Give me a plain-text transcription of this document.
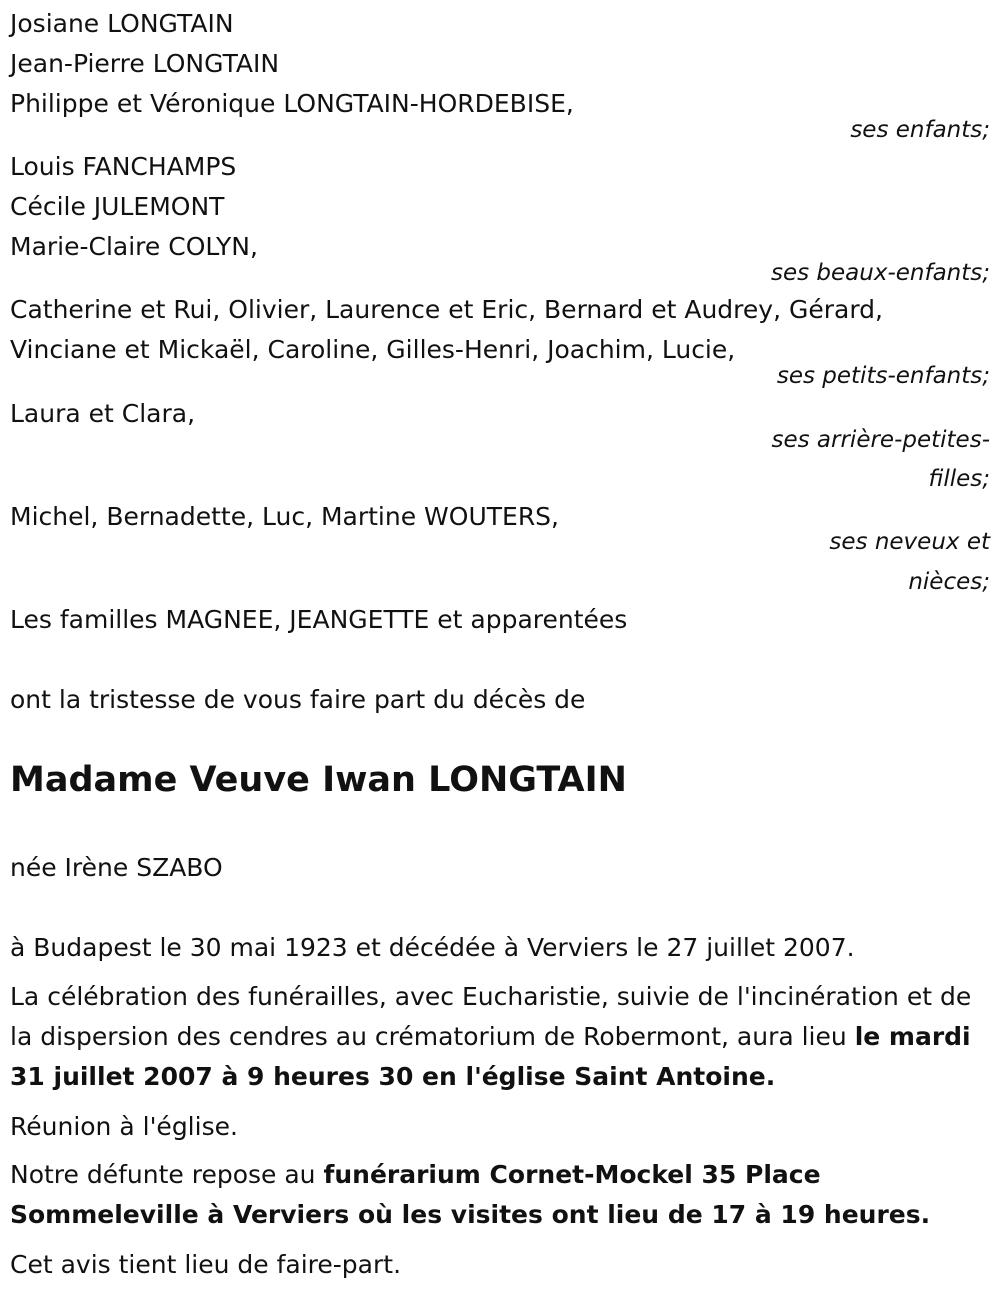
Josiane LONGTAIN
Jean-Pierre LONGTAIN
Philippe et Véronique LONGTAIN-HORDEBISE,
ses enfants;
Louis FANCHAMPS
Cécile JULEMONT
Marie-Claire COLYN,
ses beaux-enfants;
Catherine et Rui, Olivier, Laurence et Eric, Bernard et Audrey, Gérard,
Vinciane et Mickaël, Caroline, Gilles-Henri, Joachim, Lucie,
ses petits-enfants;
Laura et Clara,
ses arrière-petites-
filles;
Michel, Bernadette, Luc, Martine WOUTERS,
ses neveux et
nièces;
Les familles MAGNEE, JEANGETTE et apparentées
ont la tristesse de vous faire part du décès de
Madame Veuve Iwan LONGTAIN
née Irène SZABO
à Budapest le 30 mai 1923 et décédée à Verviers le 27 juillet 2007.
La célébration des funérailles, avec Eucharistie, suivie de l'incinération et de la dispersion des cendres au crématorium de Robermont, aura lieu le mardi 31 juillet 2007 à 9 heures 30 en l'église Saint Antoine.
Réunion à l'église.
Notre défunte repose au funérarium Cornet-Mockel 35 Place Sommeleville à Verviers où les visites ont lieu de 17 à 19 heures.
Cet avis tient lieu de faire-part.
